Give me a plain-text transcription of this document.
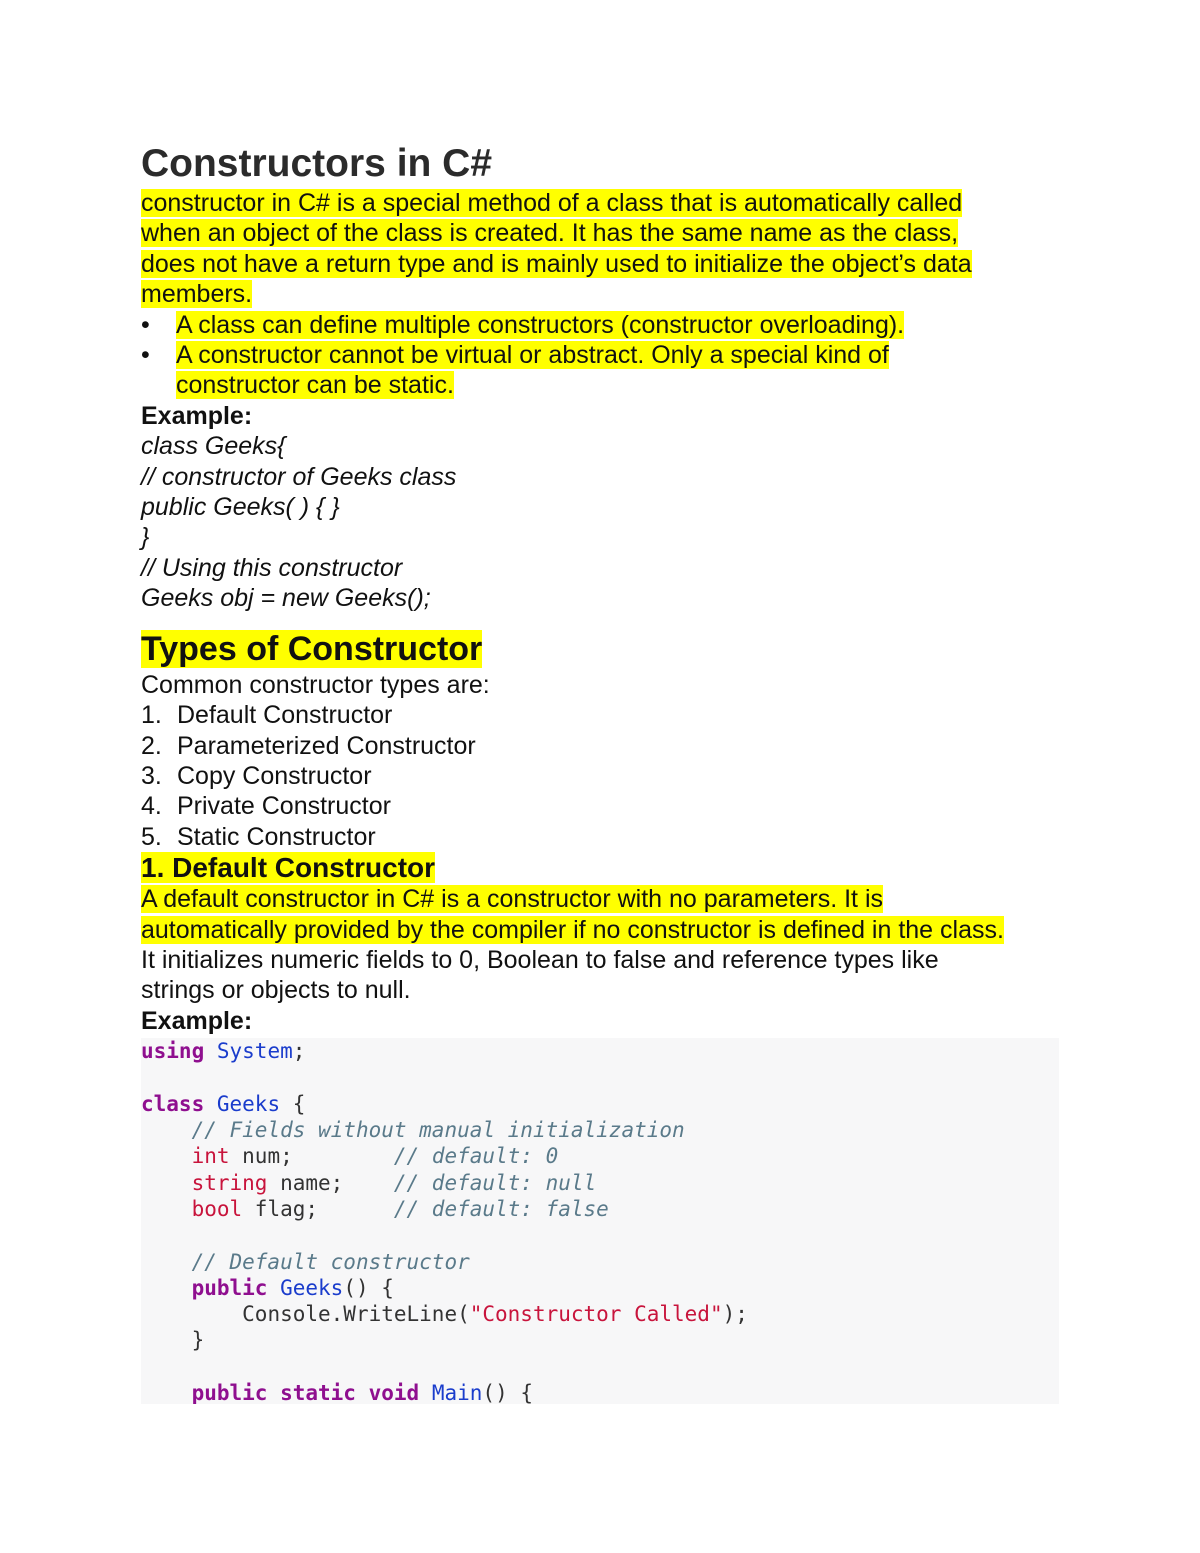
Constructors in C#
constructor in C# is a special method of a class that is automatically called
when an object of the class is created. It has the same name as the class,
does not have a return type and is mainly used to initialize the object’s data
members.
• A class can define multiple constructors (constructor overloading).
• A constructor cannot be virtual or abstract. Only a special kind of
constructor can be static.
Example:
class Geeks{
// constructor of Geeks class
public Geeks( ) { }
}
// Using this constructor
Geeks obj = new Geeks();
Types of Constructor
Common constructor types are:
1. Default Constructor
2. Parameterized Constructor
3. Copy Constructor
4. Private Constructor
5. Static Constructor
1. Default Constructor
A default constructor in C# is a constructor with no parameters. It is
automatically provided by the compiler if no constructor is defined in the class.
It initializes numeric fields to 0, Boolean to false and reference types like
strings or objects to null.
Example:
using System;

class Geeks {
// Fields without manual initialization
int num;	// default: 0
string name; // default: null
bool flag;	// default: false

// Default constructor
public Geeks() {
Console.WriteLine("Constructor Called");
}

public static void Main() {
